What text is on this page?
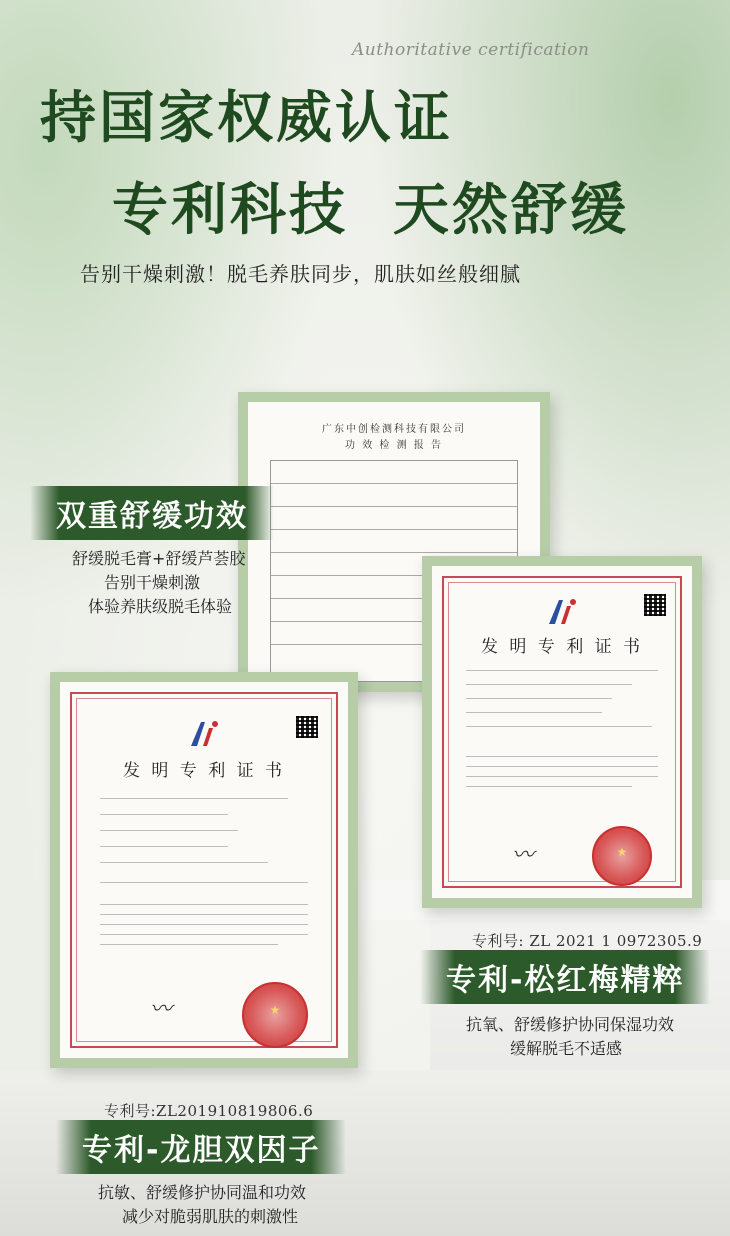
Authoritative certification
持国家权威认证
专利科技  天然舒缓
告别干燥刺激！脱毛养肤同步，肌肤如丝般细腻
广东中创检测科技有限公司
功 效 检 测 报 告
发 明 专 利 证 书
〰︎
★
发 明 专 利 证 书
〰︎
★
双重舒缓功效
舒缓脱毛膏+舒缓芦荟胶
告别干燥刺激
体验养肤级脱毛体验
专利号: ZL 2021 1 0972305.9
专利-松红梅精粹
抗氧、舒缓修护协同保湿功效
缓解脱毛不适感
专利号:ZL201910819806.6
专利-龙胆双因子
抗敏、舒缓修护协同温和功效
减少对脆弱肌肤的刺激性
